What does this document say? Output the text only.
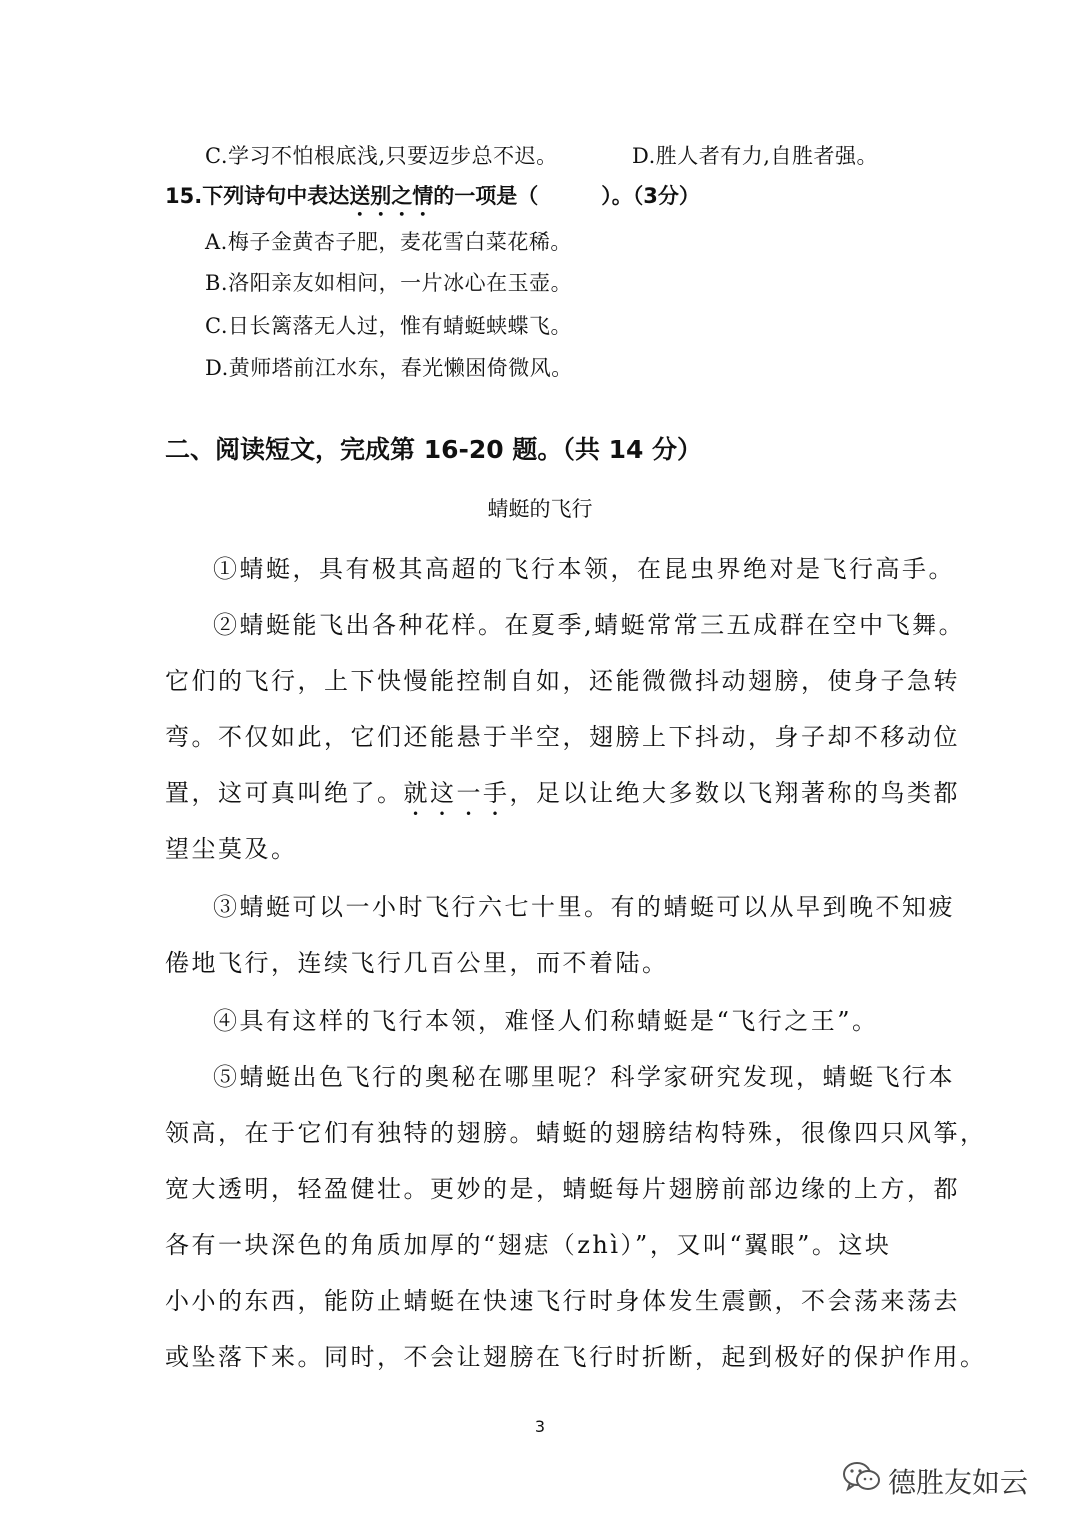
C.学习不怕根底浅,只要迈步总不迟。	D.胜人者有力,自胜者强。
15.下列诗句中表达送别之情的一项是（　　　）。（3分）
A.梅子金黄杏子肥，麦花雪白菜花稀。
B.洛阳亲友如相问，一片冰心在玉壶。
C.日长篱落无人过，惟有蜻蜓蛱蝶飞。
D.黄师塔前江水东，春光懒困倚微风。
二、阅读短文，完成第 16-20 题。（共 14 分）
蜻蜓的飞行
①蜻蜓，具有极其高超的飞行本领，在昆虫界绝对是飞行高手。
②蜻蜓能飞出各种花样。在夏季,蜻蜓常常三五成群在空中飞舞。
它们的飞行，上下快慢能控制自如，还能微微抖动翅膀，使身子急转
弯。不仅如此，它们还能悬于半空，翅膀上下抖动，身子却不移动位
置，这可真叫绝了。就这一手，足以让绝大多数以飞翔著称的鸟类都
望尘莫及。
③蜻蜓可以一小时飞行六七十里。有的蜻蜓可以从早到晚不知疲
倦地飞行，连续飞行几百公里，而不着陆。
④具有这样的飞行本领，难怪人们称蜻蜓是“飞行之王”。
⑤蜻蜓出色飞行的奥秘在哪里呢？科学家研究发现，蜻蜓飞行本
领高，在于它们有独特的翅膀。蜻蜓的翅膀结构特殊，很像四只风筝，
宽大透明，轻盈健壮。更妙的是，蜻蜓每片翅膀前部边缘的上方，都
各有一块深色的角质加厚的“翅痣（zhì）”，又叫“翼眼”。这块
小小的东西，能防止蜻蜓在快速飞行时身体发生震颤，不会荡来荡去
或坠落下来。同时，不会让翅膀在飞行时折断，起到极好的保护作用。
3
德胜友如云
